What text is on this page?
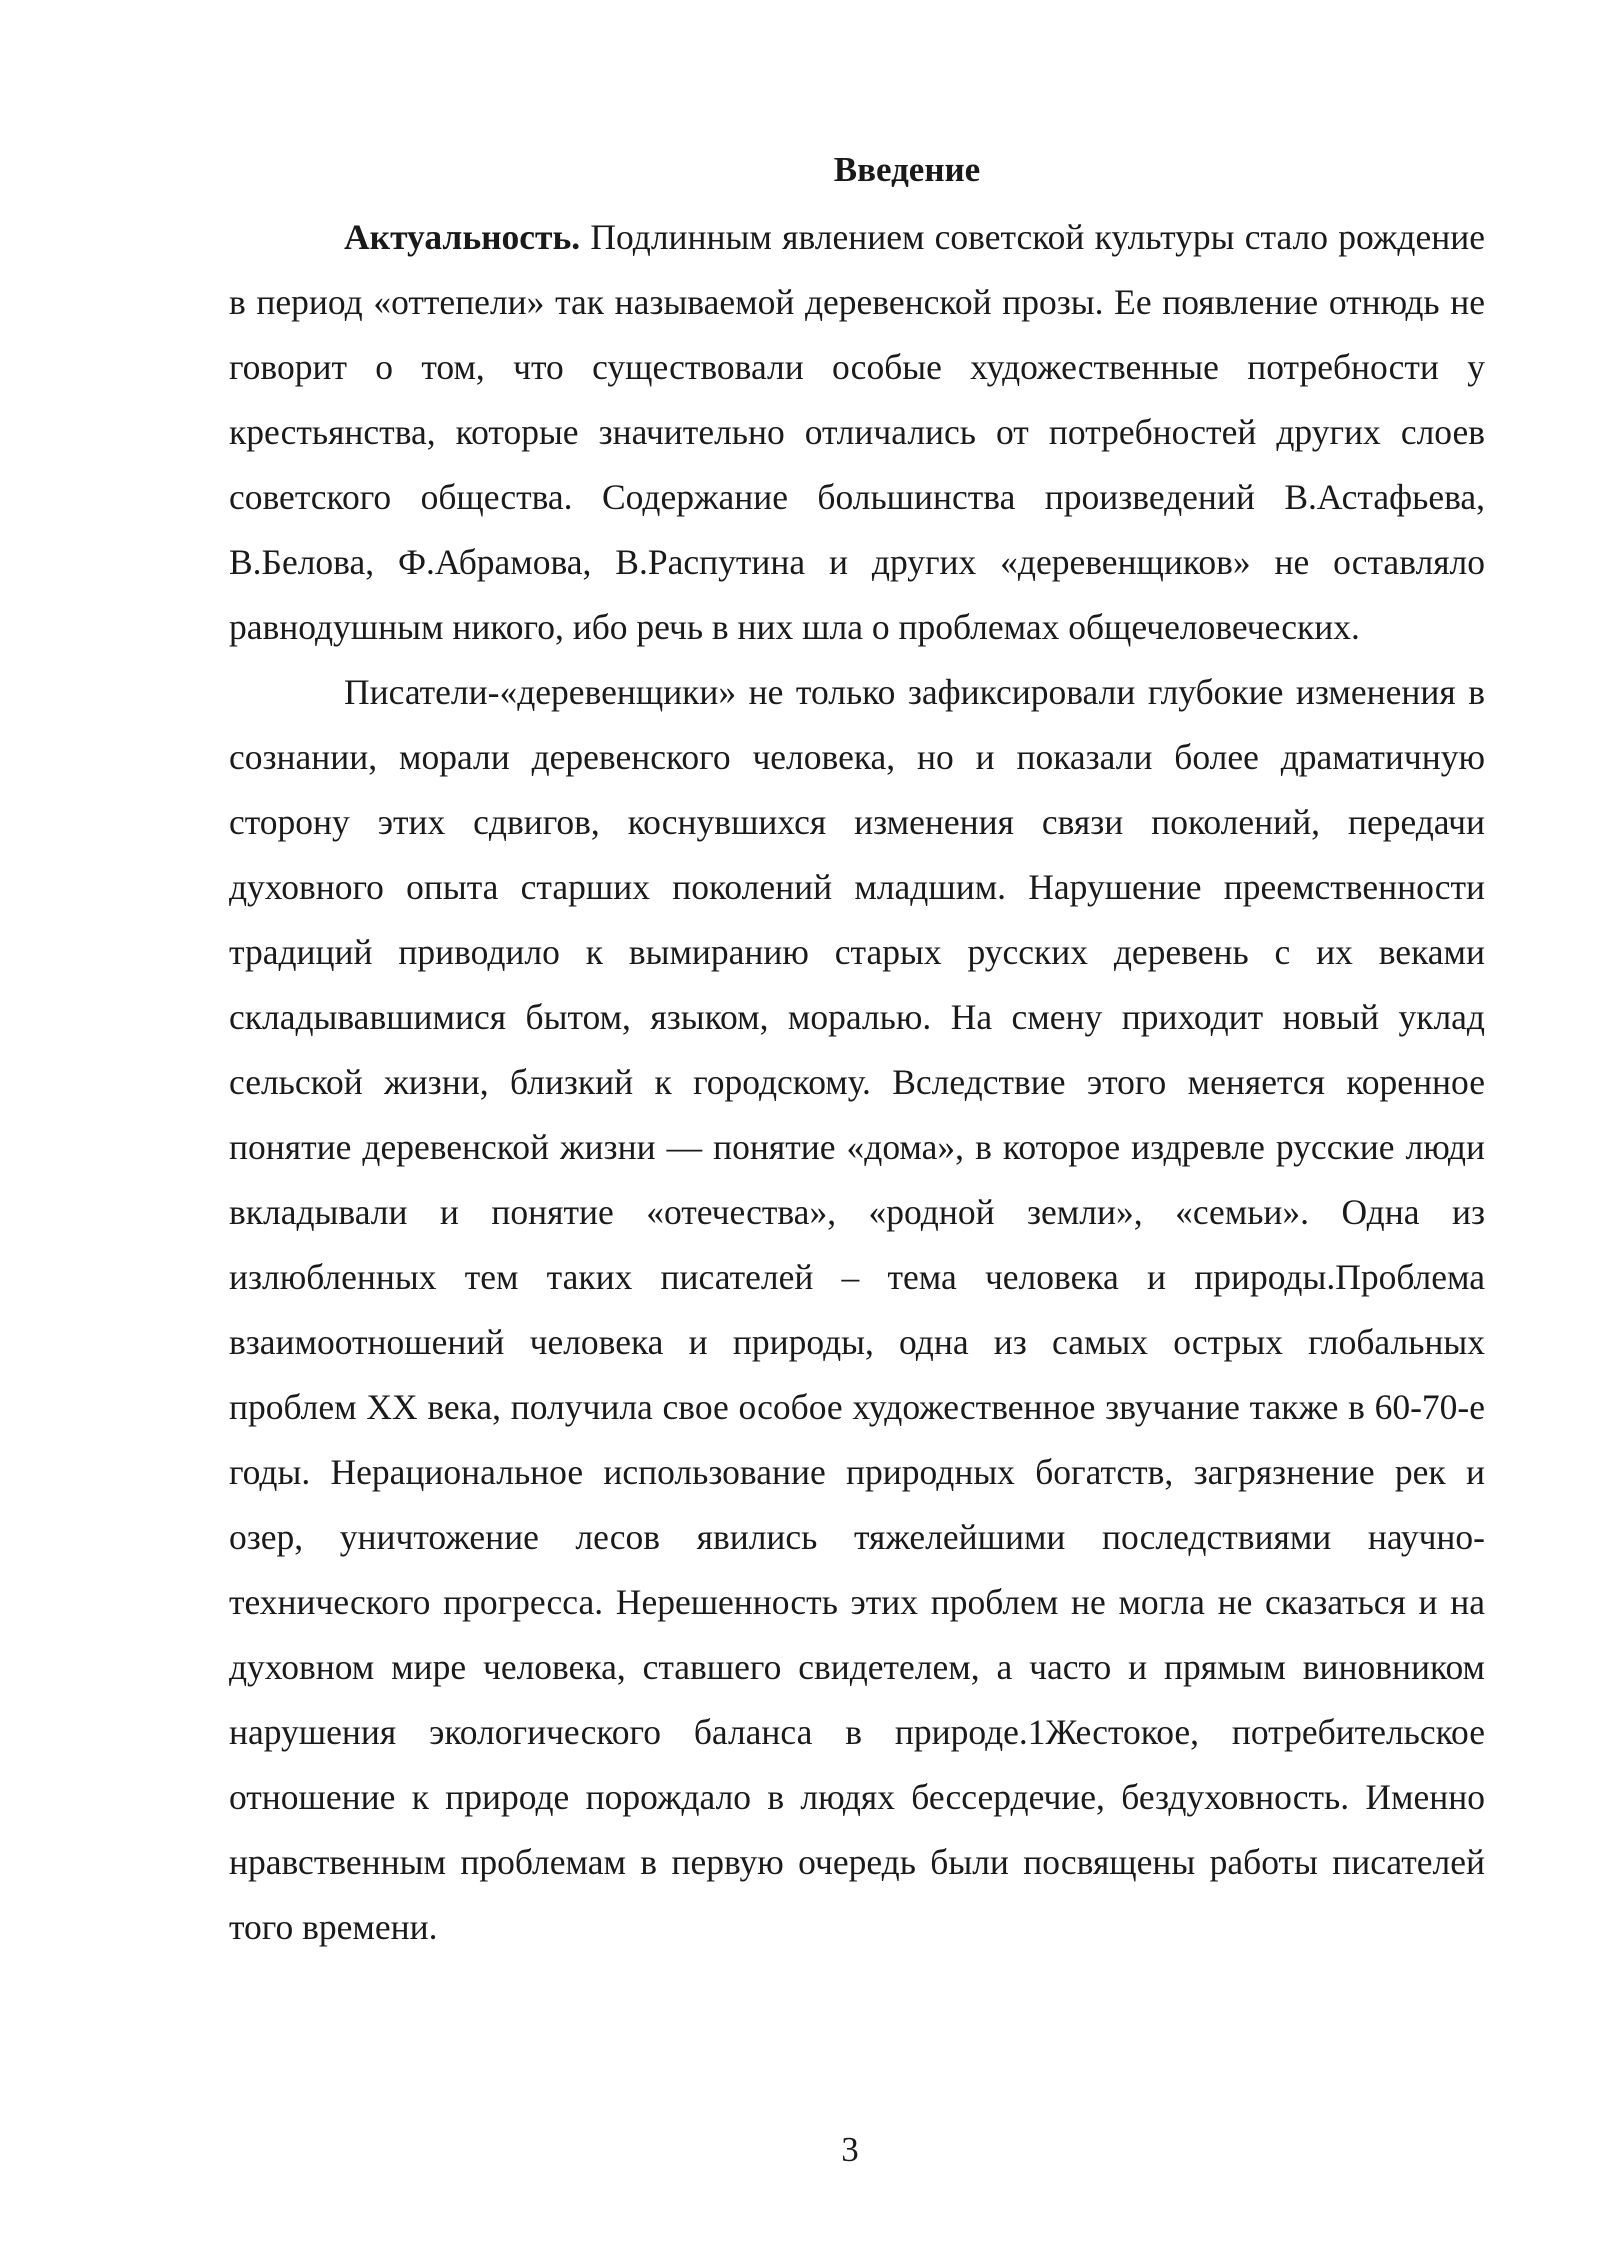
Введение

Актуальность. Подлинным явлением советской культуры стало рождение в период «оттепели» так называемой деревенской прозы. Ее появление отнюдь не говорит о том, что существовали особые художественные потребности у крестьянства, которые значительно отличались от потребностей других слоев советского общества. Содержание большинства произведений В.Астафьева, В.Белова, Ф.Абрамова, В.Распутина и других «деревенщиков» не оставляло равнодушным никого, ибо речь в них шла о проблемах общечеловеческих.

Писатели-«деревенщики» не только зафиксировали глубокие изменения в сознании, морали деревенского человека, но и показали более драматичную сторону этих сдвигов, коснувшихся изменения связи поколений, передачи духовного опыта старших поколений младшим. Нарушение преемственности традиций приводило к вымиранию старых русских деревень с их веками складывавшимися бытом, языком, моралью. На смену приходит новый уклад сельской жизни, близкий к городскому. Вследствие этого меняется коренное понятие деревенской жизни — понятие «дома», в которое издревле русские люди вкладывали и понятие «отечества», «родной земли», «семьи». Одна из излюбленных тем таких писателей – тема человека и природы.Проблема взаимоотношений человека и природы, одна из самых острых глобальных проблем XX века, получила свое особое художественное звучание также в 60-70-е годы. Нерациональное использование природных богатств, загрязнение рек и озер, уничтожение лесов явились тяжелейшими последствиями научно-технического прогресса. Нерешенность этих проблем не могла не сказаться и на духовном мире человека, ставшего свидетелем, а часто и прямым виновником нарушения экологического баланса в природе.1Жестокое, потребительское отношение к природе порождало в людях бессердечие, бездуховность. Именно нравственным проблемам в первую очередь были посвящены работы писателей того времени.

3
